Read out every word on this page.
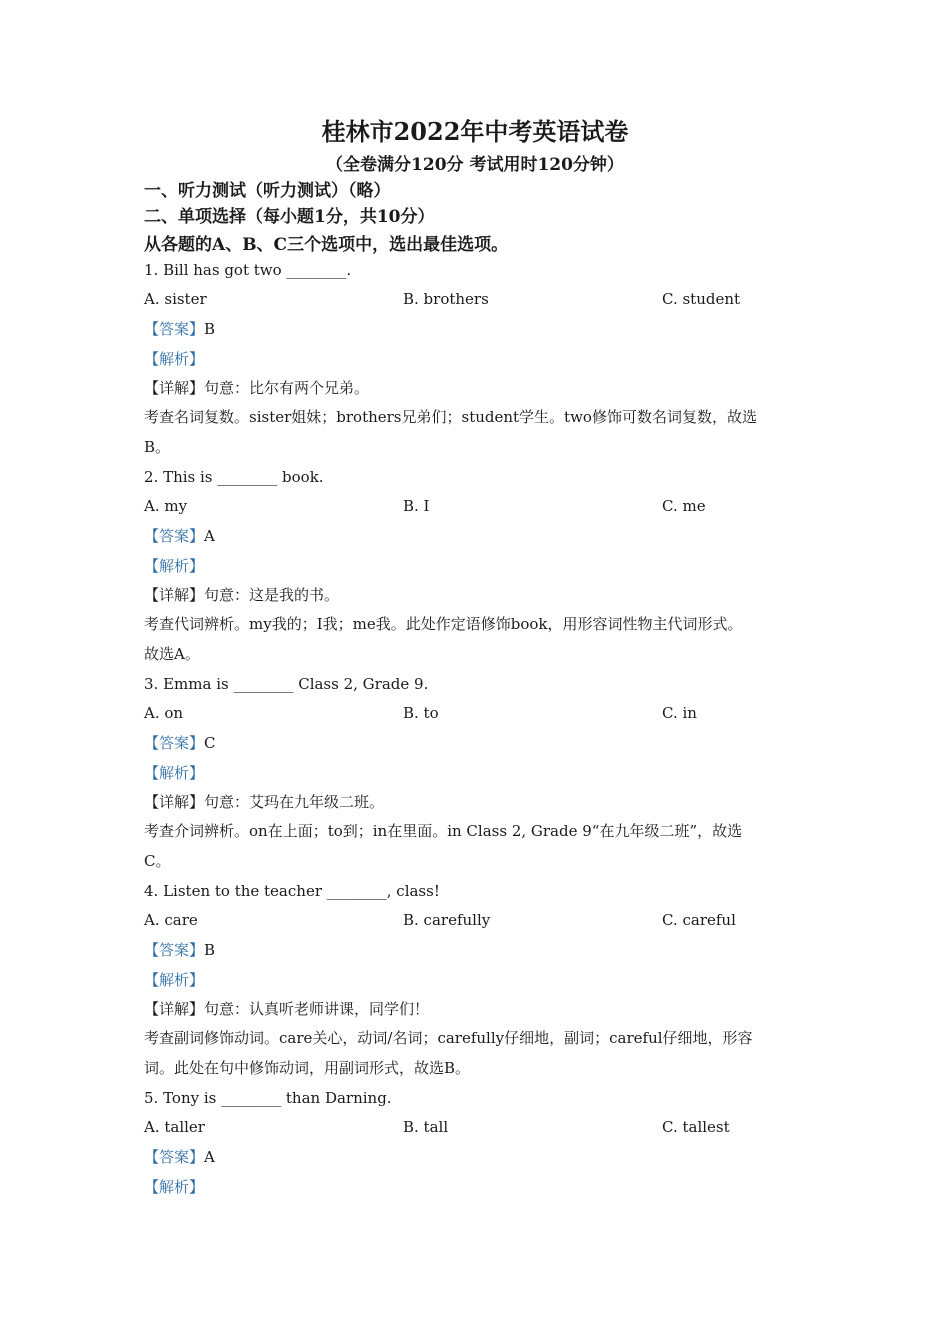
桂林市2022年中考英语试卷
（全卷满分120分 考试用时120分钟）
一、听力测试（听力测试）（略）
二、单项选择（每小题1分，共10分）
从各题的A、B、C三个选项中，选出最佳选项。
1. Bill has got two ________.
A. sister	B. brothers	C. student
【答案】B
【解析】
【详解】句意：比尔有两个兄弟。
考查名词复数。sister姐妹；brothers兄弟们；student学生。two修饰可数名词复数，故选
B。
2. This is ________ book.
A. my	B. I	C. me
【答案】A
【解析】
【详解】句意：这是我的书。
考查代词辨析。my我的；I我；me我。此处作定语修饰book，用形容词性物主代词形式。
故选A。
3. Emma is ________ Class 2, Grade 9.
A. on	B. to	C. in
【答案】C
【解析】
【详解】句意：艾玛在九年级二班。
考查介词辨析。on在上面；to到；in在里面。in Class 2, Grade 9“在九年级二班”，故选
C。
4. Listen to the teacher ________, class!
A. care	B. carefully	C. careful
【答案】B
【解析】
【详解】句意：认真听老师讲课，同学们！
考查副词修饰动词。care关心，动词/名词；carefully仔细地，副词；careful仔细地，形容
词。此处在句中修饰动词，用副词形式，故选B。
5. Tony is ________ than Darning.
A. taller	B. tall	C. tallest
【答案】A
【解析】
